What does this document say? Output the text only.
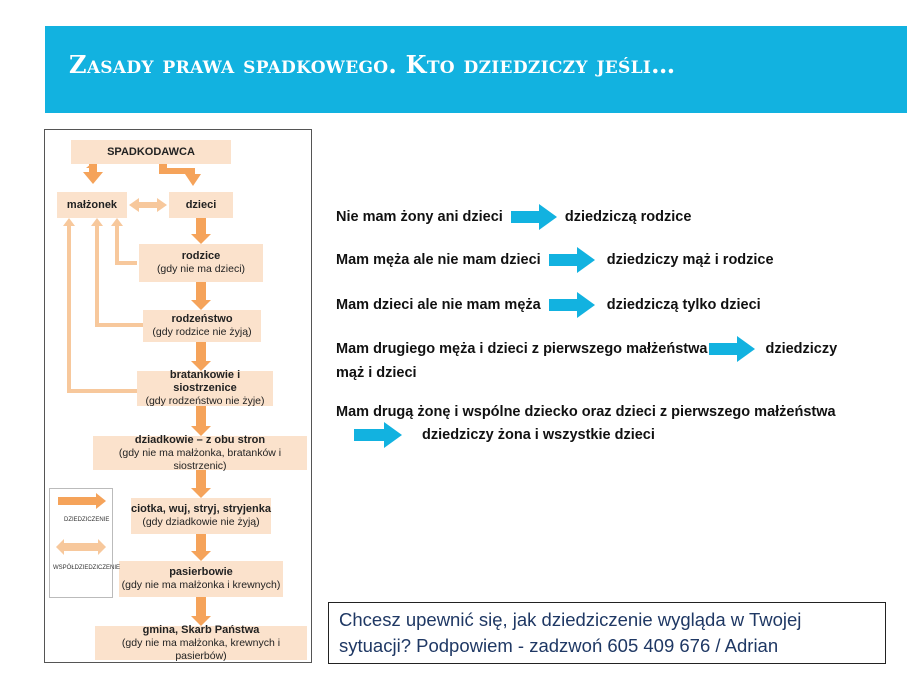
Zasady prawa spadkowego. Kto dziedziczy jeśli…
SPADKODAWCA
małżonek	dzieci
rodzice
(gdy nie ma dzieci)
rodzeństwo
(gdy rodzice nie żyją)
bratankowie i siostrzenice
(gdy rodzeństwo nie żyje)
dziadkowie – z obu stron
(gdy nie ma małżonka, bratanków i siostrzenic)
ciotka, wuj, stryj, stryjenka
(gdy dziadkowie nie żyją)
pasierbowie
(gdy nie ma małżonka i krewnych)
gmina, Skarb Państwa
(gdy nie ma małżonka, krewnych i pasierbów)
DZIEDZICZENIE
WSPÓŁDZIEDZICZENIE
Nie mam żony ani dzieci	dziedziczą rodzice
Mam męża ale nie mam dzieci	dziedziczy mąż i rodzice
Mam dzieci ale nie mam męża	dziedziczą tylko dzieci
Mam drugiego męża i dzieci z pierwszego małżeństwa	dziedziczy
mąż i dzieci
Mam drugą żonę i wspólne dziecko oraz dzieci z pierwszego małżeństwa
dziedziczy żona i wszystkie dzieci
Chcesz upewnić się, jak dziedziczenie wygląda w Twojej
sytuacji? Podpowiem - zadzwoń 605 409 676 / Adrian
